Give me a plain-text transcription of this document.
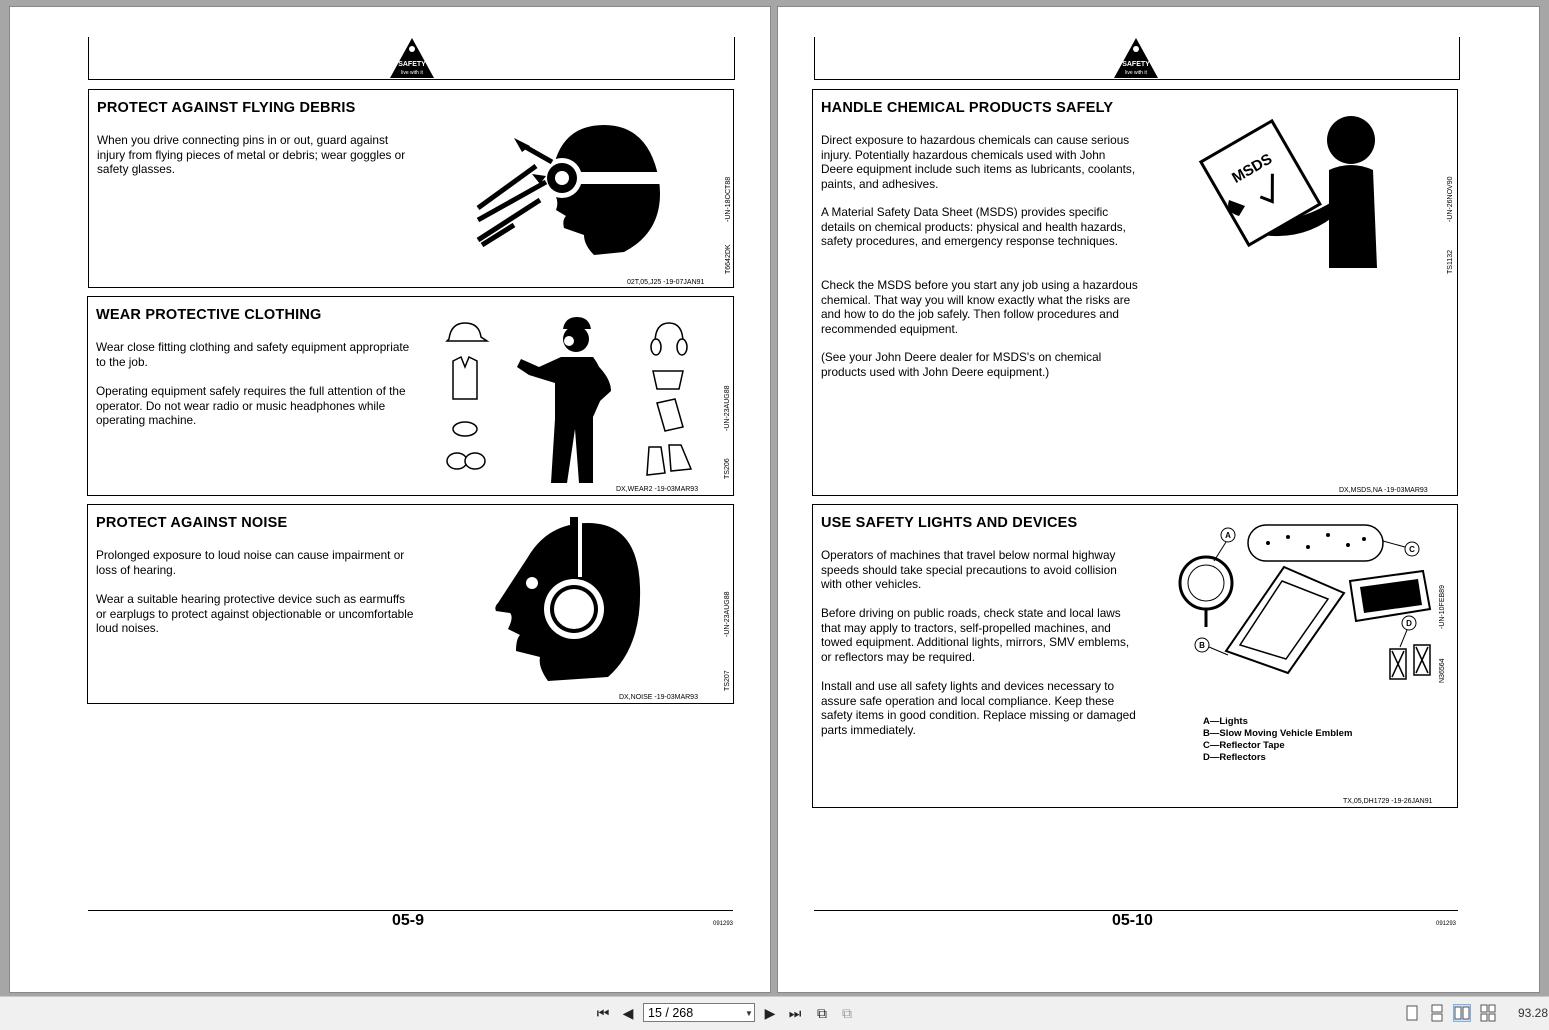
SAFETY
live with it
PROTECT AGAINST FLYING DEBRIS

When you drive connecting pins in or out, guard against injury from flying pieces of metal or debris; wear goggles or safety glasses.

02T,05,J25 -19-07JAN91
T6642DK
-UN-18OCT88
WEAR PROTECTIVE CLOTHING

Wear close fitting clothing and safety equipment appropriate to the job.

Operating equipment safely requires the full attention of the operator. Do not wear radio or music headphones while operating machine.

DX,WEAR2 -19-03MAR93
TS206
-UN-23AUG88
PROTECT AGAINST NOISE

Prolonged exposure to loud noise can cause impairment or loss of hearing.

Wear a suitable hearing protective device such as earmuffs or earplugs to protect against objectionable or uncomfortable loud noises.

DX,NOISE -19-03MAR93
TS207
-UN-23AUG88
05-9	091293
SAFETY
live with it
HANDLE CHEMICAL PRODUCTS SAFELY

Direct exposure to hazardous chemicals can cause serious injury. Potentially hazardous chemicals used with John Deere equipment include such items as lubricants, coolants, paints, and adhesives.

A Material Safety Data Sheet (MSDS) provides specific details on chemical products: physical and health hazards, safety procedures, and emergency response techniques.

Check the MSDS before you start any job using a hazardous chemical. That way you will know exactly what the risks are and how to do the job safely. Then follow procedures and recommended equipment.

(See your John Deere dealer for MSDS's on chemical products used with John Deere equipment.)

MSDS
DX,MSDS,NA -19-03MAR93
TS1132
-UN-26NOV90
USE SAFETY LIGHTS AND DEVICES

Operators of machines that travel below normal highway speeds should take special precautions to avoid collision with other vehicles.

Before driving on public roads, check state and local laws that may apply to tractors, self-propelled machines, and towed equipment. Additional lights, mirrors, SMV emblems, or reflectors may be required.

Install and use all safety lights and devices necessary to assure safe operation and local compliance. Keep these safety items in good condition. Replace missing or damaged parts immediately.

A
B
C
D
A—Lights
B—Slow Moving Vehicle Emblem
C—Reflector Tape
D—Reflectors
TX,05,DH1729 -19-26JAN91
N36564
-UN-10FEB89
05-10	091293
⏮ ◀
15 / 268	▼ ▶ ⏭ ⧉ ⧉	93.28
